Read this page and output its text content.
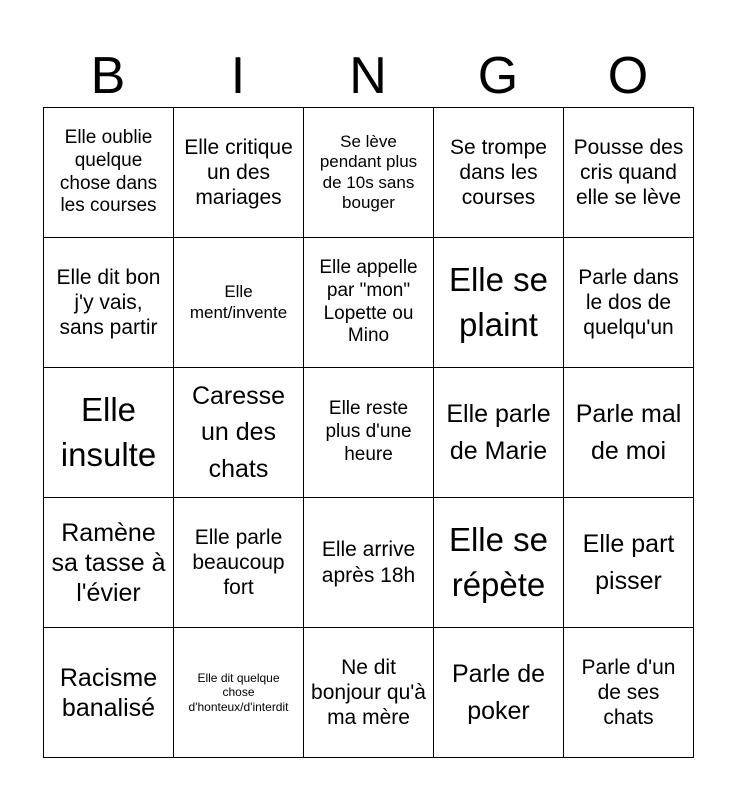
B	I	N	G	O
Elle oublie quelque chose dans les courses	Elle critique un des mariages	Se lève pendant plus de 10s sans bouger	Se trompe dans les courses	Pousse des cris quand elle se lève

Elle dit bon j'y vais, sans partir	Elle ment/invente	Elle appelle par "mon" Lopette ou Mino	Elle se plaint	Parle dans le dos de quelqu'un

Elle insulte	Caresse un des chats	Elle reste plus d'une heure	Elle parle de Marie	Parle mal de moi

Ramène sa tasse à l'évier	Elle parle beaucoup fort	Elle arrive après 18h	Elle se répète	Elle part pisser

Racisme banalisé	Elle dit quelque chose d'honteux/d'interdit	Ne dit bonjour qu'à ma mère	Parle de poker	Parle d'un de ses chats
